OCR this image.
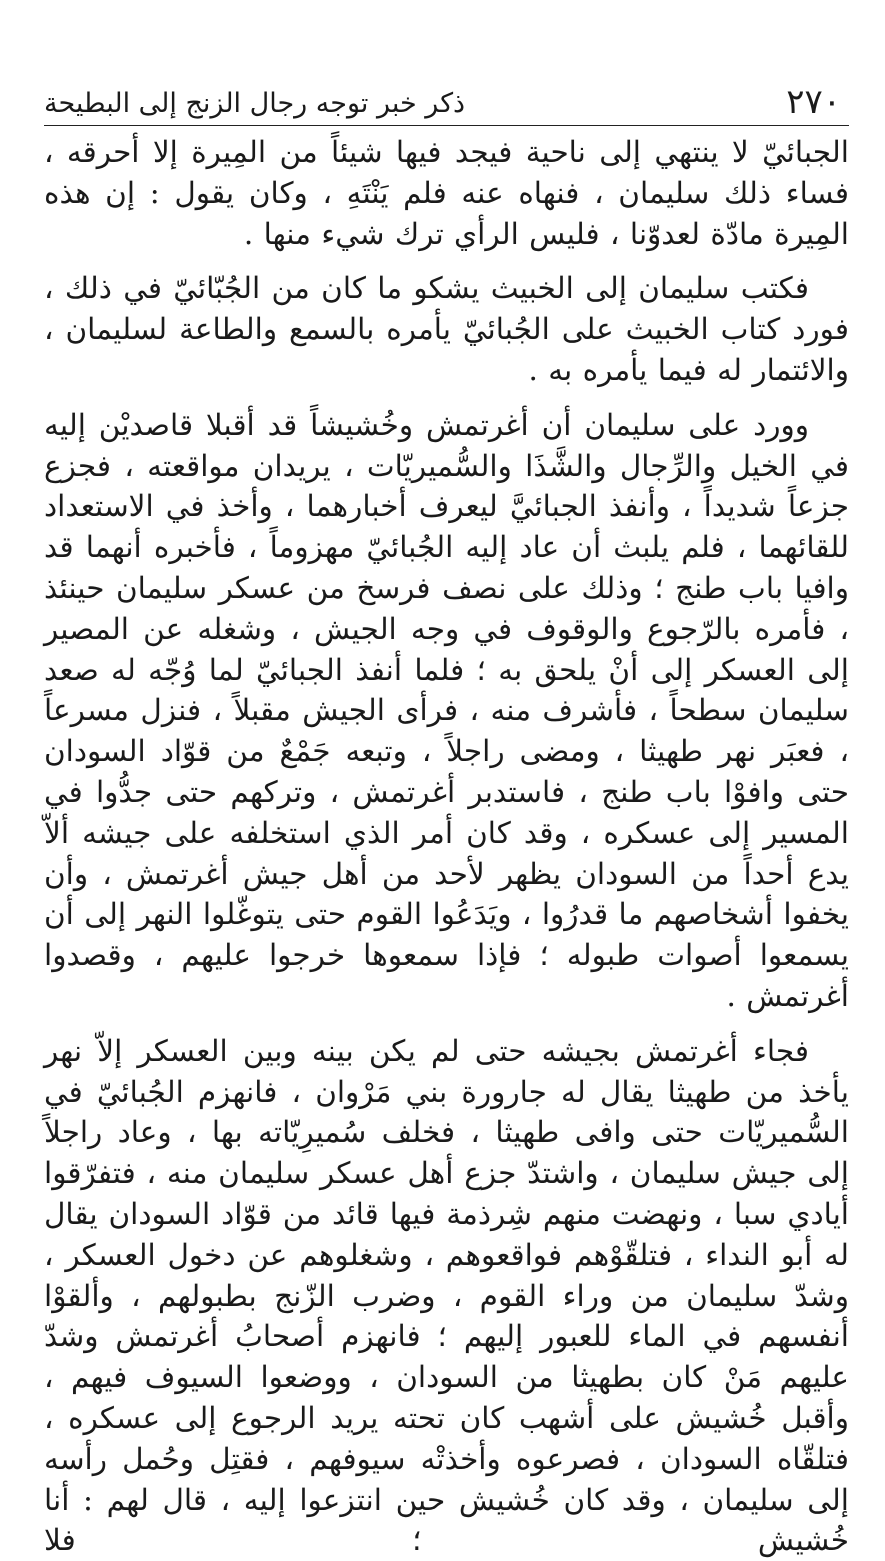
٢٧٠
ذكر خبر توجه رجال الزنج إلى البطيحة

الجبائيّ لا ينتهي إلى ناحية فيجد فيها شيئاً من المِيرة إلا أحرقه ، فساء ذلك سليمان ، فنهاه عنه فلم يَنْتَهِ ، وكان يقول : إن هذه المِيرة مادّة لعدوّنا ، فليس الرأي ترك شيء منها .

فكتب سليمان إلى الخبيث يشكو ما كان من الجُبّائيّ في ذلك ، فورد كتاب الخبيث على الجُبائيّ يأمره بالسمع والطاعة لسليمان ، والائتمار له فيما يأمره به .

وورد على سليمان أن أغرتمش وخُشيشاً قد أقبلا قاصديْن إليه في الخيل والرِّجال والشَّذَا والسُّميريّات ، يريدان مواقعته ، فجزع جزعاً شديداً ، وأنفذ الجبائيَّ ليعرف أخبارهما ، وأخذ في الاستعداد للقائهما ، فلم يلبث أن عاد إليه الجُبائيّ مهزوماً ، فأخبره أنهما قد وافيا باب طنج ؛ وذلك على نصف فرسخ من عسكر سليمان حينئذ ، فأمره بالرّجوع والوقوف في وجه الجيش ، وشغله عن المصير إلى العسكر إلى أنْ يلحق به ؛ فلما أنفذ الجبائيّ لما وُجّه له صعد سليمان سطحاً ، فأشرف منه ، فرأى الجيش مقبلاً ، فنزل مسرعاً ، فعبَر نهر طهيثا ، ومضى راجلاً ، وتبعه جَمْعٌ من قوّاد السودان حتى وافوْا باب طنج ، فاستدبر أغرتمش ، وتركهم حتى جدُّوا في المسير إلى عسكره ، وقد كان أمر الذي استخلفه على جيشه ألاّ يدع أحداً من السودان يظهر لأحد من أهل جيش أغرتمش ، وأن يخفوا أشخاصهم ما قدرُوا ، ويَدَعُوا القوم حتى يتوغّلوا النهر إلى أن يسمعوا أصوات طبوله ؛ فإذا سمعوها خرجوا عليهم ، وقصدوا أغرتمش .

فجاء أغرتمش بجيشه حتى لم يكن بينه وبين العسكر إلاّ نهر يأخذ من طهيثا يقال له جارورة بني مَرْوان ، فانهزم الجُبائيّ في السُّميريّات حتى وافى طهيثا ، فخلف سُميرِيّاته بها ، وعاد راجلاً إلى جيش سليمان ، واشتدّ جزع أهل عسكر سليمان منه ، فتفرّقوا أيادي سبا ، ونهضت منهم شِرذمة فيها قائد من قوّاد السودان يقال له أبو النداء ، فتلقّوْهم فواقعوهم ، وشغلوهم عن دخول العسكر ، وشدّ سليمان من وراء القوم ، وضرب الزّنج بطبولهم ، وألقوْا أنفسهم في الماء للعبور إليهم ؛ فانهزم أصحابُ أغرتمش وشدّ عليهم مَنْ كان بطهيثا من السودان ، ووضعوا السيوف فيهم ، وأقبل خُشيش على أشهب كان تحته يريد الرجوع إلى عسكره ، فتلقّاه السودان ، فصرعوه وأخذتْه سيوفهم ، فقتِل وحُمل رأسه إلى سليمان ، وقد كان خُشيش حين انتزعوا إليه ، قال لهم : أنا خُشيش ؛ فلا
